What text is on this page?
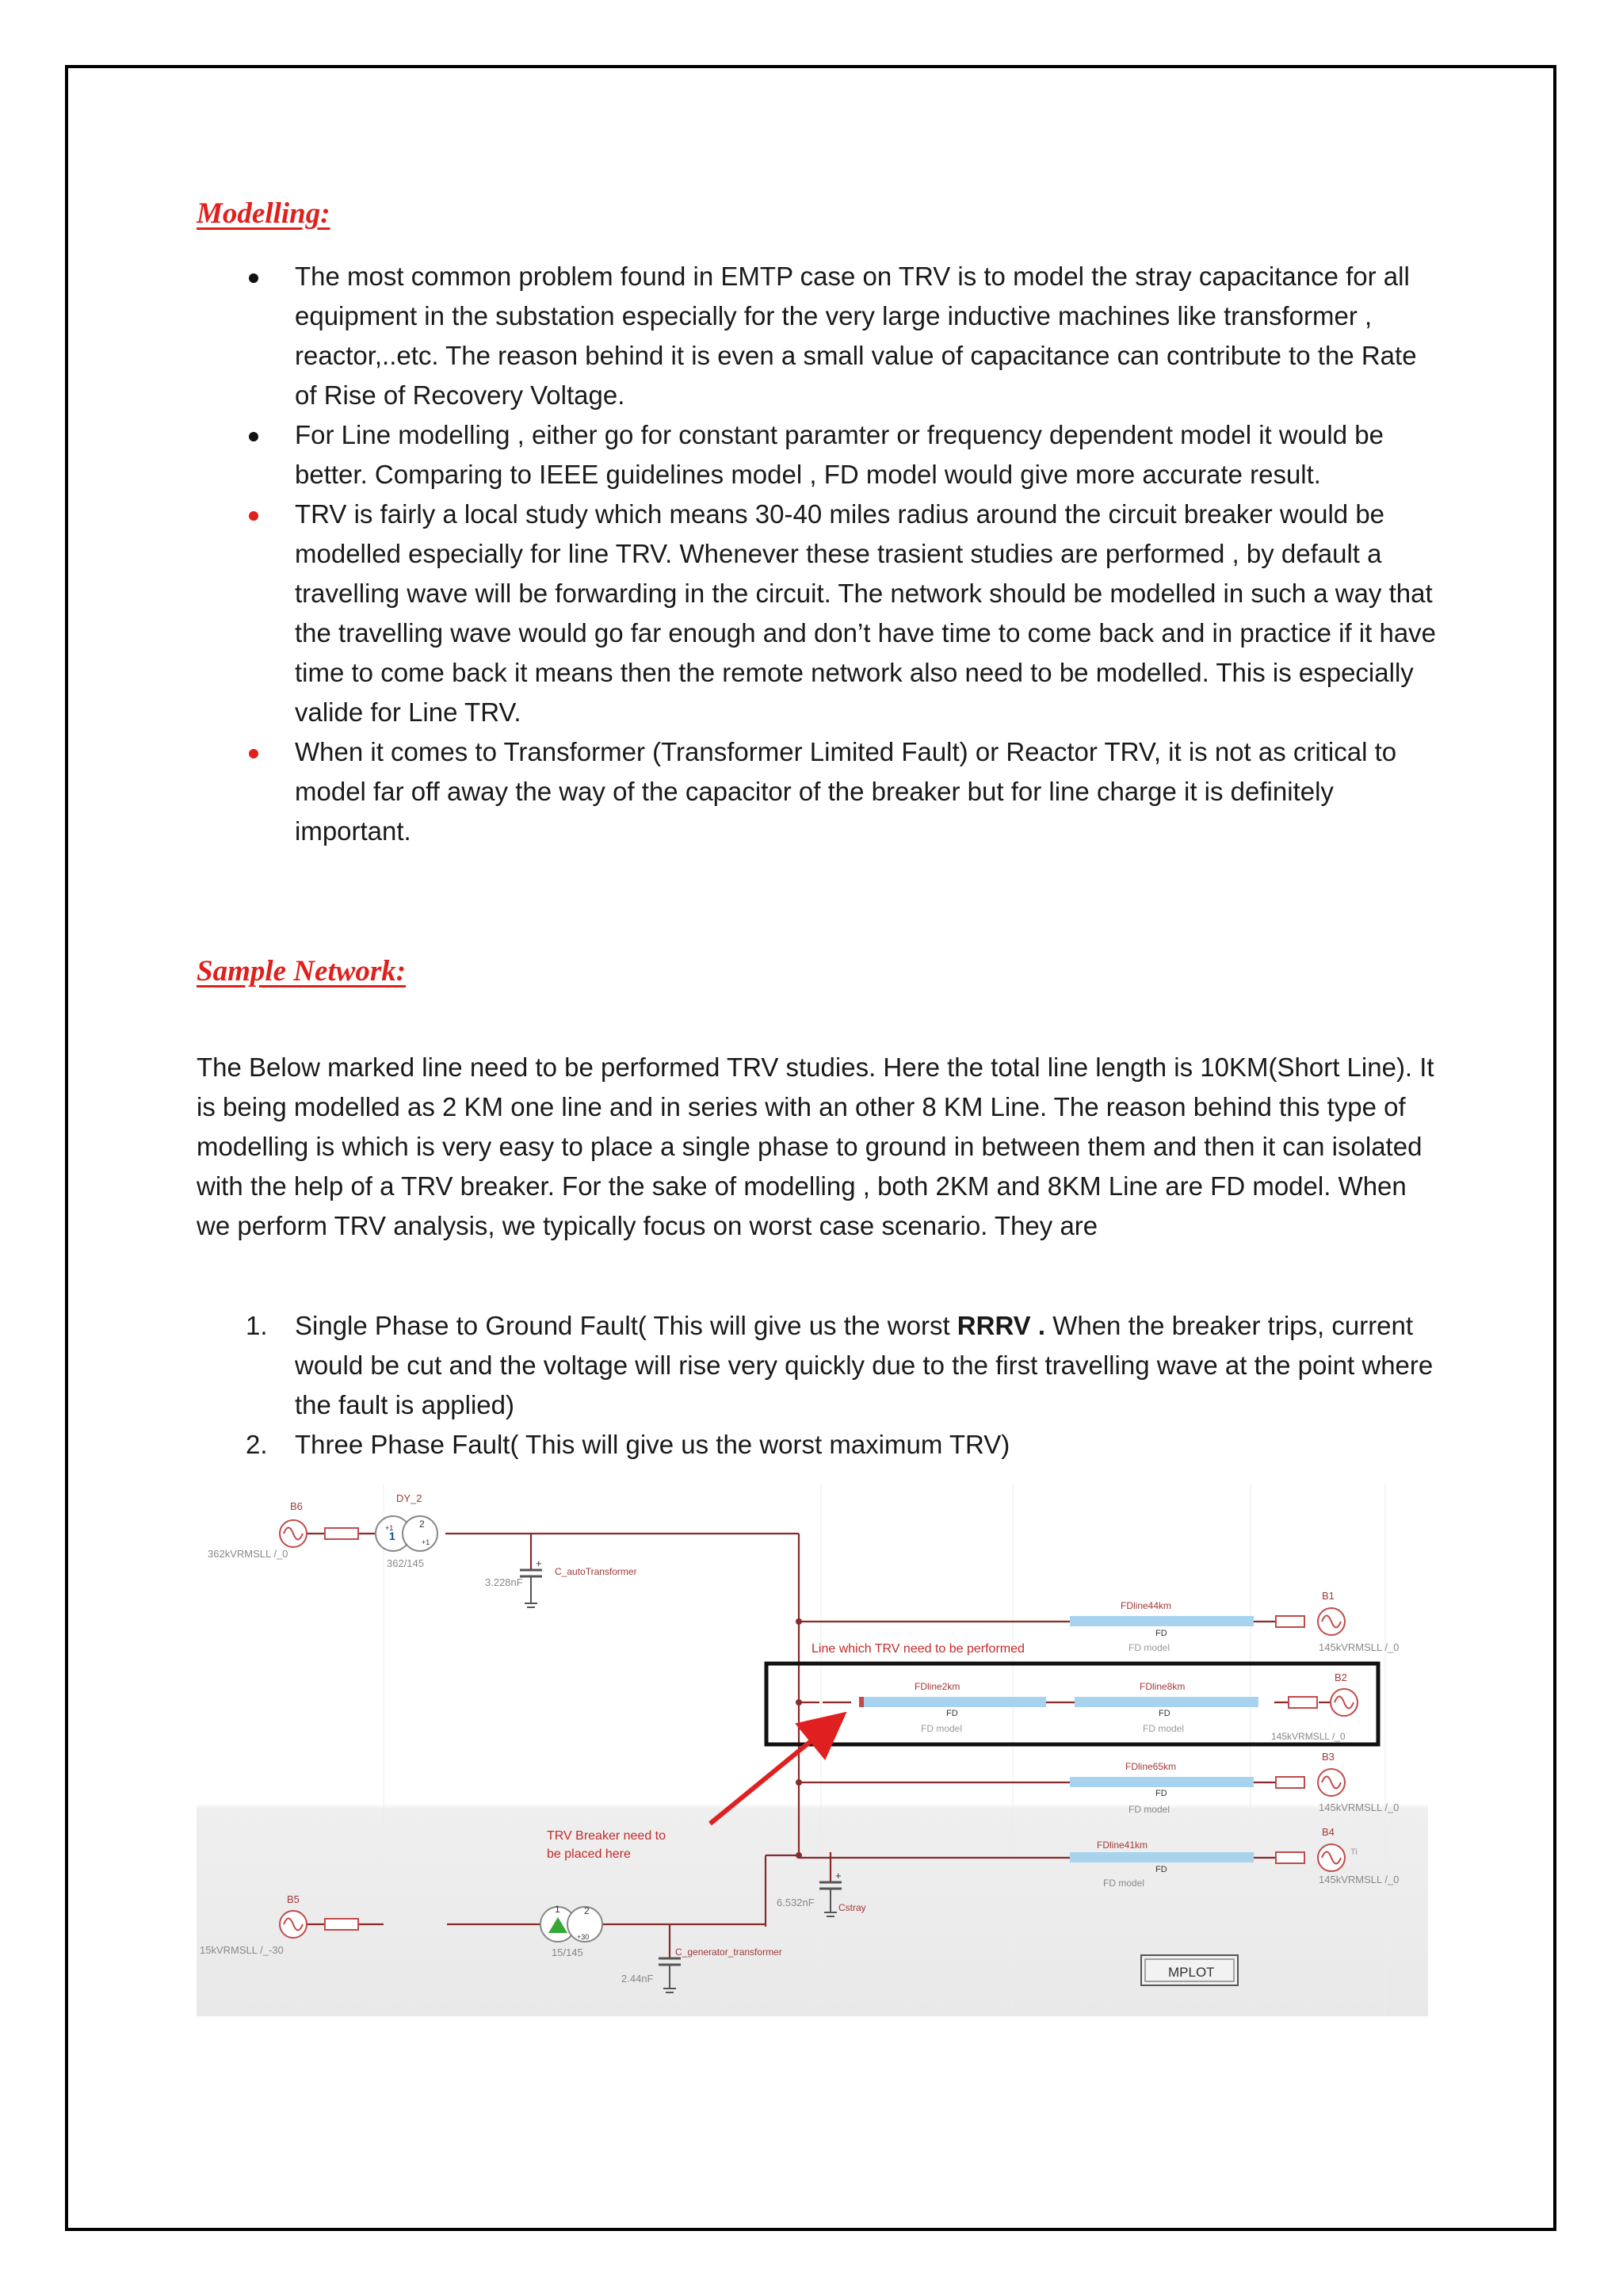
Modelling:
The most common problem found in EMTP case on TRV is to model the stray capacitance for all equipment in the substation especially for the very large inductive machines like transformer , reactor,..etc. The reason behind it is even a small value of capacitance can contribute to the Rate of Rise of Recovery Voltage.
For Line modelling , either go for constant paramter or frequency dependent model it would be better. Comparing to IEEE guidelines model , FD model would give more accurate result.
TRV is fairly a local study which means 30-40 miles radius around the circuit breaker would be modelled especially for line TRV. Whenever these trasient studies are performed , by default a travelling wave will be forwarding in the circuit. The network should be modelled in such a way that the travelling wave would go far enough and don’t have time to come back and in practice if it have time to come back it means then the remote network also need to be modelled. This is especially valide for Line TRV.
When it comes to Transformer (Transformer Limited Fault) or Reactor TRV, it is not as critical to model far off away the way of the capacitor of the breaker but for line charge it is definitely important.
Sample Network:

The Below marked line need to be performed TRV studies. Here the total line length is 10KM(Short Line). It is being modelled as 2 KM one line and in series with an other 8 KM Line. The reason behind this type of modelling is which is very easy to place a single phase to ground in between them and then it can isolated with the help of a TRV breaker. For the sake of modelling , both 2KM and 8KM Line are FD model. When we perform TRV analysis, we typically focus on worst case scenario. They are

1. Single Phase to Ground Fault( This will give us the worst RRRV . When the breaker trips, current would be cut and the voltage will rise very quickly due to the first travelling wave at the point where the fault is applied)
2. Three Phase Fault( This will give us the worst maximum TRV)
B6
362kVRMSLL /_0
DY_2
1
2
+1
+1
362/145	+
3.228nF
C_autoTransformer
FDline44km
FD
FD model
Line which TRV need to be performed
B1
145kVRMSLL /_0
FDline2km
FD
FD model
FDline8km
FD
FD model
B2
145kVRMSLL /_0
FDline65km
FD
FD model
B3
145kVRMSLL /_0
FDline41km
FD
FD model
B4
Ti
145kVRMSLL /_0
+
6.532nF	Cstray
TRV Breaker need to
be placed here
B5
15kVRMSLL /_-30
1	2
+30
15/145	C_generator_transformer
2.44nF	MPLOT
